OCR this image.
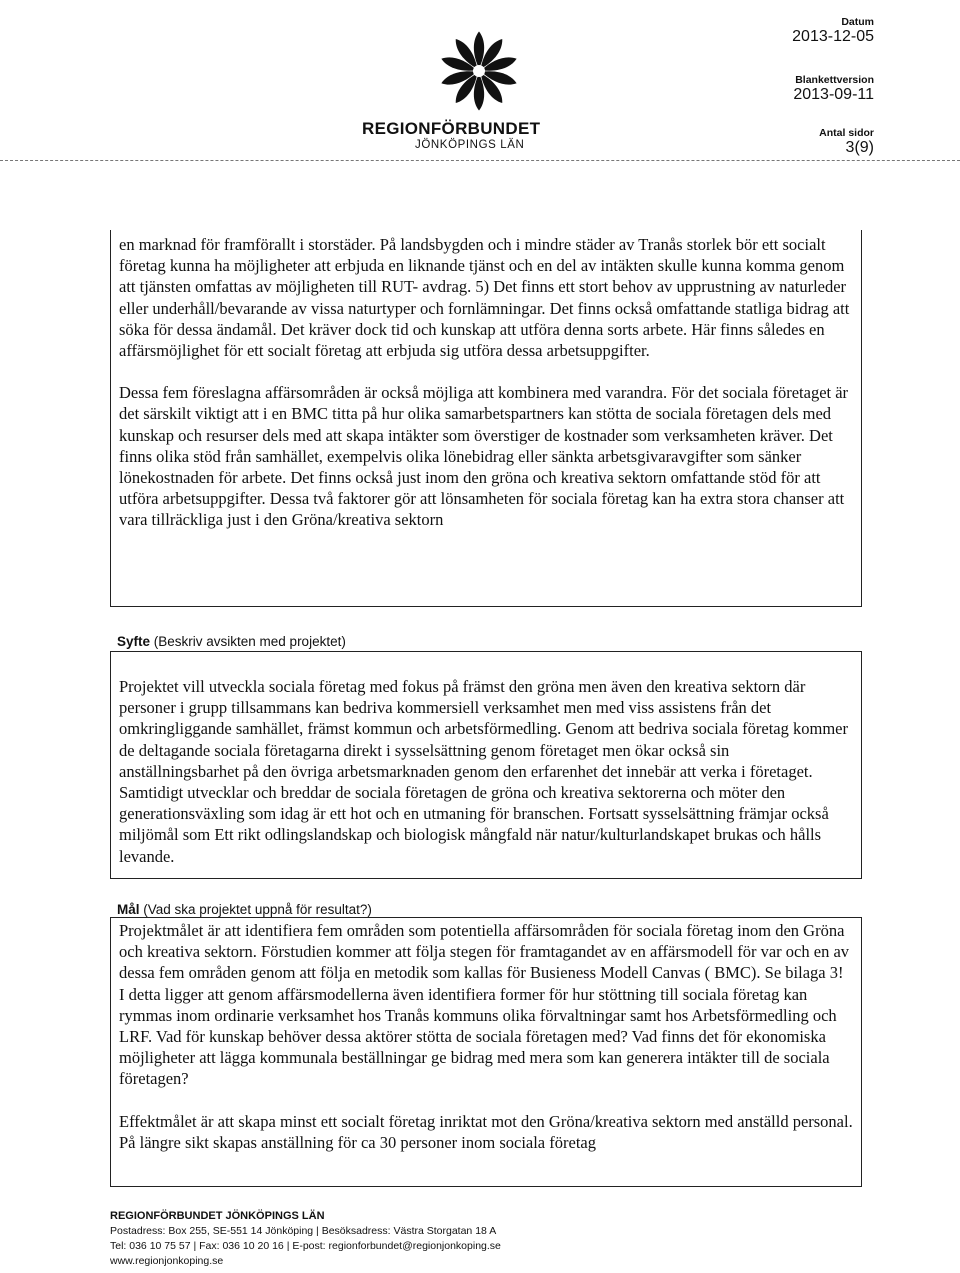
REGIONFÖRBUNDET
JÖNKÖPINGS LÄN
Datum
2013-12-05
Blankettversion
2013-09-11
Antal sidor
3(9)

en marknad för framförallt i storstäder. På landsbygden och i mindre städer av Tranås storlek bör ett socialt företag kunna ha möjligheter att erbjuda en liknande tjänst och en del av intäkten skulle kunna komma genom att tjänsten omfattas av möjligheten till RUT- avdrag. 5) Det finns ett stort behov av upprustning av naturleder eller underhåll/bevarande av vissa naturtyper och fornlämningar. Det finns också omfattande statliga bidrag att söka för dessa ändamål. Det kräver dock tid och kunskap att utföra denna sorts arbete. Här finns således en affärsmöjlighet för ett socialt företag att erbjuda sig utföra dessa arbetsuppgifter.

Dessa fem föreslagna affärsområden är också möjliga att kombinera med varandra. För det sociala företaget är det särskilt viktigt att i en BMC titta på hur olika samarbetspartners kan stötta de sociala företagen dels med kunskap och resurser dels med att skapa intäkter som överstiger de kostnader som verksamheten kräver. Det finns olika stöd från samhället, exempelvis olika lönebidrag eller sänkta arbetsgivaravgifter som sänker lönekostnaden för arbete. Det finns också just inom den gröna och kreativa sektorn omfattande stöd för att utföra arbetsuppgifter. Dessa två faktorer gör att lönsamheten för sociala företag kan ha extra stora chanser att vara tillräckliga just i den Gröna/kreativa sektorn

Syfte (Beskriv avsikten med projektet)

Projektet vill utveckla sociala företag med fokus på främst den gröna men även den kreativa sektorn där personer i grupp tillsammans kan bedriva kommersiell verksamhet men med viss assistens från det omkringliggande samhället, främst kommun och arbetsförmedling. Genom att bedriva sociala företag kommer de deltagande sociala företagarna direkt i sysselsättning genom företaget men ökar också sin anställningsbarhet på den övriga arbetsmarknaden genom den erfarenhet det innebär att verka i företaget. Samtidigt utvecklar och breddar de sociala företagen de gröna och kreativa sektorerna och möter den generationsväxling som idag är ett hot och en utmaning för branschen. Fortsatt sysselsättning främjar också miljömål som Ett rikt odlingslandskap och biologisk mångfald när natur/kulturlandskapet brukas och hålls levande.

Mål (Vad ska projektet uppnå för resultat?)

Projektmålet är att identifiera fem områden som potentiella affärsområden för sociala företag inom den Gröna och kreativa sektorn. Förstudien kommer att följa stegen för framtagandet av en affärsmodell för var och en av dessa fem områden genom att följa en metodik som kallas för Busieness Modell Canvas ( BMC). Se bilaga 3! I detta ligger att genom affärsmodellerna även identifiera former för hur stöttning till sociala företag kan rymmas inom ordinarie verksamhet hos Tranås kommuns olika förvaltningar samt hos Arbetsförmedling och LRF. Vad för kunskap behöver dessa aktörer stötta de sociala företagen med? Vad finns det för ekonomiska möjligheter att lägga kommunala beställningar ge bidrag med mera som kan generera intäkter till de sociala företagen?

Effektmålet är att skapa minst ett socialt företag inriktat mot den Gröna/kreativa sektorn med anställd personal. På längre sikt skapas anställning för ca 30 personer inom sociala företag

REGIONFÖRBUNDET JÖNKÖPINGS LÄN
Postadress: Box 255, SE-551 14 Jönköping | Besöksadress: Västra Storgatan 18 A
Tel: 036 10 75 57 | Fax: 036 10 20 16 | E-post: regionforbundet@regionjonkoping.se
www.regionjonkoping.se
